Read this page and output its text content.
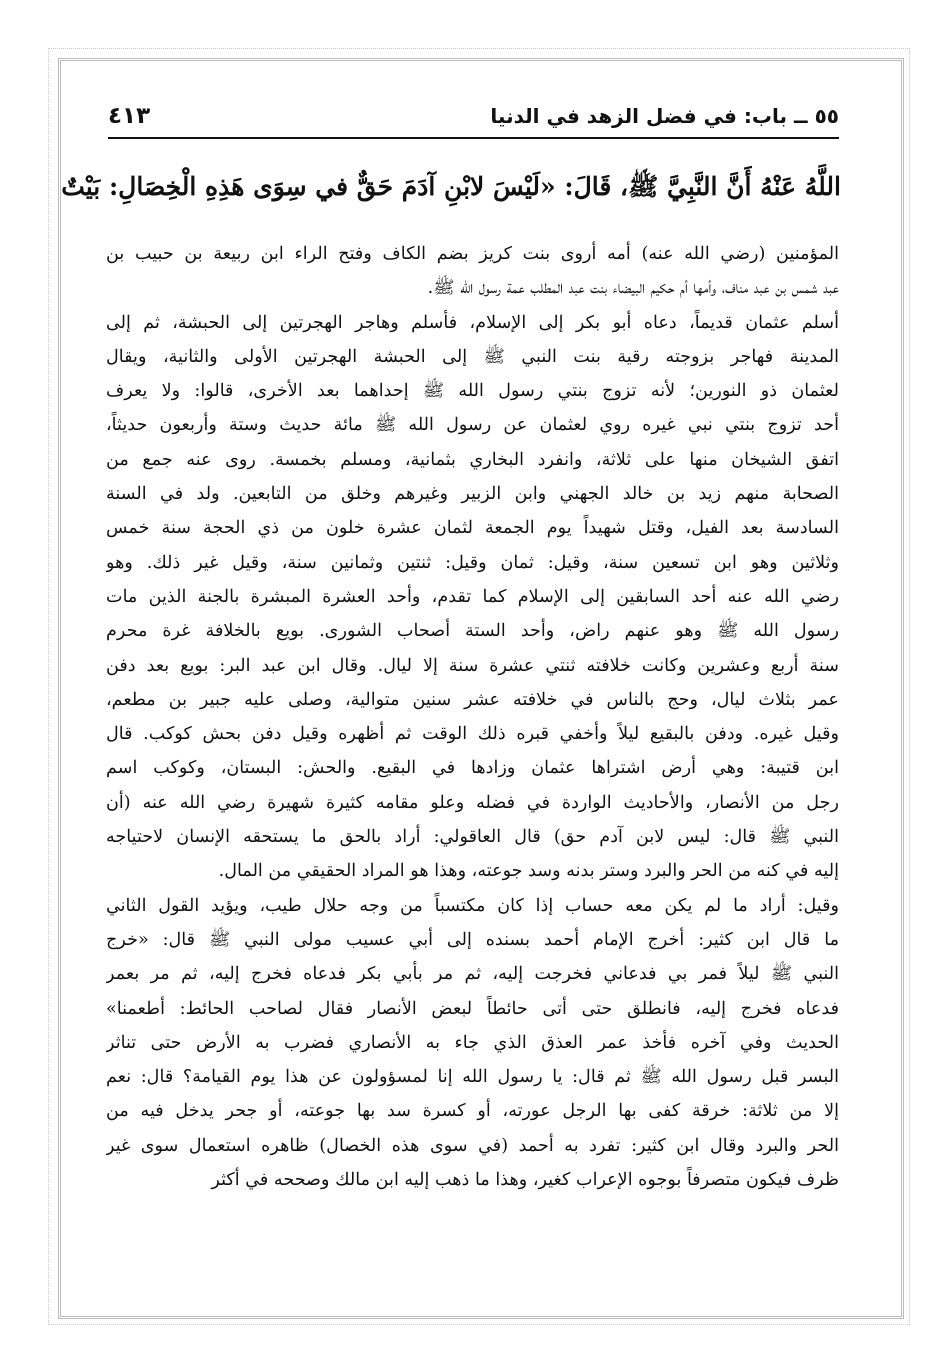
٥٥ ــ باب: في فضل الزهد في الدنيا
٤١٣
اللَّهُ عَنْهُ أَنَّ النَّبِيَّ ﷺ، قَالَ: «لَيْسَ لابْنِ آدَمَ حَقٌّ في سِوَى هَذِهِ الْخِصَالِ: بَيْتٌ
المؤمنين (رضي الله عنه) أمه أروى بنت كريز بضم الكاف وفتح الراء ابن ربيعة بن حبيب بن
عبد شمس بن عبد مناف، وأمها أم حكيم البيضاء بنت عبد المطلب عمة رسول الله ﷺ.
أسلم عثمان قديماً، دعاه أبو بكر إلى الإسلام، فأسلم وهاجر الهجرتين إلى الحبشة، ثم إلى
المدينة فهاجر بزوجته رقية بنت النبي ﷺ إلى الحبشة الهجرتين الأولى والثانية، ويقال
لعثمان ذو النورين؛ لأنه تزوج بنتي رسول الله ﷺ إحداهما بعد الأخرى، قالوا: ولا يعرف
أحد تزوج بنتي نبي غيره روي لعثمان عن رسول الله ﷺ مائة حديث وستة وأربعون حديثاً،
اتفق الشيخان منها على ثلاثة، وانفرد البخاري بثمانية، ومسلم بخمسة. روى عنه جمع من
الصحابة منهم زيد بن خالد الجهني وابن الزبير وغيرهم وخلق من التابعين. ولد في السنة
السادسة بعد الفيل، وقتل شهيداً يوم الجمعة لثمان عشرة خلون من ذي الحجة سنة خمس
وثلاثين وهو ابن تسعين سنة، وقيل: ثمان وقيل: ثنتين وثمانين سنة، وقيل غير ذلك. وهو
رضي الله عنه أحد السابقين إلى الإسلام كما تقدم، وأحد العشرة المبشرة بالجنة الذين مات
رسول الله ﷺ وهو عنهم راض، وأحد الستة أصحاب الشورى. بويع بالخلافة غرة محرم
سنة أربع وعشرين وكانت خلافته ثنتي عشرة سنة إلا ليال. وقال ابن عبد البر: بويع بعد دفن
عمر بثلاث ليال، وحج بالناس في خلافته عشر سنين متوالية، وصلى عليه جبير بن مطعم،
وقيل غيره. ودفن بالبقيع ليلاً وأخفي قبره ذلك الوقت ثم أظهره وقيل دفن بحش كوكب. قال
ابن قتيبة: وهي أرض اشتراها عثمان وزادها في البقيع. والحش: البستان، وكوكب اسم
رجل من الأنصار، والأحاديث الواردة في فضله وعلو مقامه كثيرة شهيرة رضي الله عنه (أن
النبي ﷺ قال: ليس لابن آدم حق) قال العاقولي: أراد بالحق ما يستحقه الإنسان لاحتياجه
إليه في كنه من الحر والبرد وستر بدنه وسد جوعته، وهذا هو المراد الحقيقي من المال.
وقيل: أراد ما لم يكن معه حساب إذا كان مكتسباً من وجه حلال طيب، ويؤيد القول الثاني
ما قال ابن كثير: أخرج الإمام أحمد بسنده إلى أبي عسيب مولى النبي ﷺ قال: «خرج
النبي ﷺ ليلاً فمر بي فدعاني فخرجت إليه، ثم مر بأبي بكر فدعاه فخرج إليه، ثم مر بعمر
فدعاه فخرج إليه، فانطلق حتى أتى حائطاً لبعض الأنصار فقال لصاحب الحائط: أطعمنا»
الحديث وفي آخره فأخذ عمر العذق الذي جاء به الأنصاري فضرب به الأرض حتى تناثر
البسر قبل رسول الله ﷺ ثم قال: يا رسول الله إنا لمسؤولون عن هذا يوم القيامة؟ قال: نعم
إلا من ثلاثة: خرقة كفى بها الرجل عورته، أو كسرة سد بها جوعته، أو جحر يدخل فيه من
الحر والبرد وقال ابن كثير: تفرد به أحمد (في سوى هذه الخصال) ظاهره استعمال سوى غير
ظرف فيكون متصرفاً بوجوه الإعراب كغير، وهذا ما ذهب إليه ابن مالك وصححه في أكثر
